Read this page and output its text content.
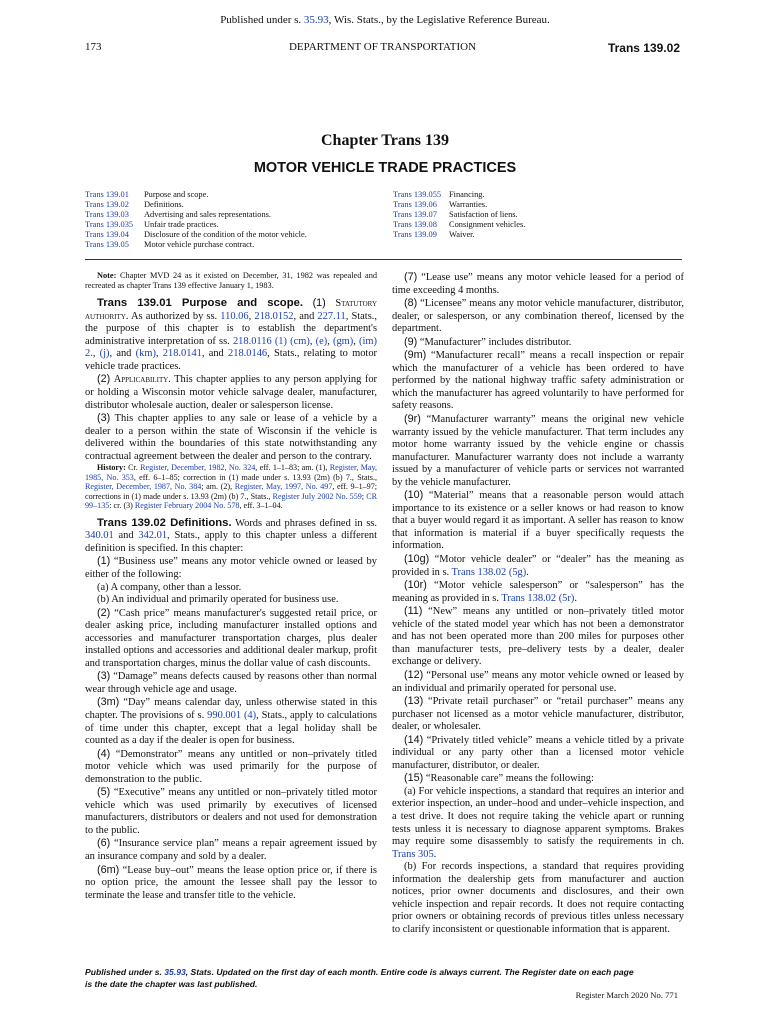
Published under s. 35.93, Wis. Stats., by the Legislative Reference Bureau.
173	DEPARTMENT OF TRANSPORTATION	Trans 139.02
Chapter Trans 139
MOTOR VEHICLE TRADE PRACTICES
Trans 139.01	Purpose and scope.
Trans 139.02	Definitions.
Trans 139.03	Advertising and sales representations.
Trans 139.035	Unfair trade practices.
Trans 139.04	Disclosure of the condition of the motor vehicle.
Trans 139.05	Motor vehicle purchase contract.
Trans 139.055 Financing.
Trans 139.06	Warranties.
Trans 139.07	Satisfaction of liens.
Trans 139.08	Consignment vehicles.
Trans 139.09	Waiver.

Note: Chapter MVD 24 as it existed on December, 31, 1982 was repealed and recreated as chapter Trans 139 effective January 1, 1983.

Trans 139.01 Purpose and scope. (1) Statutory authority. As authorized by ss. 110.06, 218.0152, and 227.11, Stats., the purpose of this chapter is to establish the department's administrative interpretation of ss. 218.0116 (1) (cm), (e), (gm), (im) 2., (j), and (km), 218.0141, and 218.0146, Stats., relating to motor vehicle trade practices.

(2) Applicability. This chapter applies to any person applying for or holding a Wisconsin motor vehicle salvage dealer, manufacturer, distributor wholesale auction, dealer or salesperson license.

(3) This chapter applies to any sale or lease of a vehicle by a dealer to a person within the state of Wisconsin if the vehicle is delivered within the boundaries of this state notwithstanding any contractual agreement between the dealer and person to the contrary.

History: Cr. Register, December, 1982, No. 324, eff. 1–1–83; am. (1), Register, May, 1985, No. 353, eff. 6–1–85; correction in (1) made under s. 13.93 (2m) (b) 7., Stats., Register, December, 1987, No. 384; am. (2), Register, May, 1997, No. 497, eff. 9–1–97; corrections in (1) made under s. 13.93 (2m) (b) 7., Stats., Register July 2002 No. 559; CR 99–135: cr. (3) Register February 2004 No. 578, eff. 3–1–04.

Trans 139.02 Definitions. Words and phrases defined in ss. 340.01 and 342.01, Stats., apply to this chapter unless a different definition is specified. In this chapter:

(1) “Business use” means any motor vehicle owned or leased by either of the following:

(a) A company, other than a lessor.

(b) An individual and primarily operated for business use.

(2) “Cash price” means manufacturer's suggested retail price, or dealer asking price, including manufacturer installed options and accessories and manufacturer transportation charges, plus dealer installed options and accessories and additional dealer markup, profit and transportation charges, minus the dollar value of cash discounts.

(3) “Damage” means defects caused by reasons other than normal wear through vehicle age and usage.

(3m) “Day” means calendar day, unless otherwise stated in this chapter. The provisions of s. 990.001 (4), Stats., apply to calculations of time under this chapter, except that a legal holiday shall be counted as a day if the dealer is open for business.

(4) “Demonstrator” means any untitled or non–privately titled motor vehicle which was used primarily for the purpose of demonstration to the public.

(5) “Executive” means any untitled or non–privately titled motor vehicle which was used primarily by executives of licensed manufacturers, distributors or dealers and not used for demonstration to the public.

(6) “Insurance service plan” means a repair agreement issued by an insurance company and sold by a dealer.

(6m) “Lease buy–out” means the lease option price or, if there is no option price, the amount the lessee shall pay the lessor to terminate the lease and transfer title to the vehicle.

(7) “Lease use” means any motor vehicle leased for a period of time exceeding 4 months.

(8) “Licensee” means any motor vehicle manufacturer, distributor, dealer, or salesperson, or any combination thereof, licensed by the department.

(9) “Manufacturer” includes distributor.

(9m) “Manufacturer recall” means a recall inspection or repair which the manufacturer of a vehicle has been ordered to have performed by the national highway traffic safety administration or which the manufacturer has agreed voluntarily to have performed for safety reasons.

(9r) “Manufacturer warranty” means the original new vehicle warranty issued by the vehicle manufacturer. That term includes any motor home warranty issued by the vehicle engine or chassis manufacturer. Manufacturer warranty does not include a warranty issued by a manufacturer of vehicle parts or services not warranted by the vehicle manufacturer.

(10) “Material” means that a reasonable person would attach importance to its existence or a seller knows or had reason to know that a buyer would regard it as important. A seller has reason to know that information is material if a buyer specifically requests the information.

(10g) “Motor vehicle dealer” or “dealer” has the meaning as provided in s. Trans 138.02 (5g).

(10r) “Motor vehicle salesperson” or “salesperson” has the meaning as provided in s. Trans 138.02 (5r).

(11) “New” means any untitled or non–privately titled motor vehicle of the stated model year which has not been a demonstrator and has not been operated more than 200 miles for purposes other than manufacturer tests, pre–delivery tests by a dealer, dealer exchange or delivery.

(12) “Personal use” means any motor vehicle owned or leased by an individual and primarily operated for personal use.

(13) “Private retail purchaser” or “retail purchaser” means any purchaser not licensed as a motor vehicle manufacturer, distributor, dealer, or wholesaler.

(14) “Privately titled vehicle” means a vehicle titled by a private individual or any party other than a licensed motor vehicle manufacturer, distributor, or dealer.

(15) “Reasonable care” means the following:

(a) For vehicle inspections, a standard that requires an interior and exterior inspection, an under–hood and under–vehicle inspection, and a test drive. It does not require taking the vehicle apart or running tests unless it is necessary to diagnose apparent symptoms. Brakes may require some disassembly to satisfy the requirements in ch. Trans 305.

(b) For records inspections, a standard that requires providing information the dealership gets from manufacturer and auction notices, prior owner documents and disclosures, and their own vehicle inspection and repair records. It does not require contacting prior owners or obtaining records of previous titles unless necessary to clarify inconsistent or questionable information that is apparent.

Published under s. 35.93, Stats. Updated on the first day of each month. Entire code is always current. The Register date on each page
is the date the chapter was last published.
Register March 2020 No. 771
